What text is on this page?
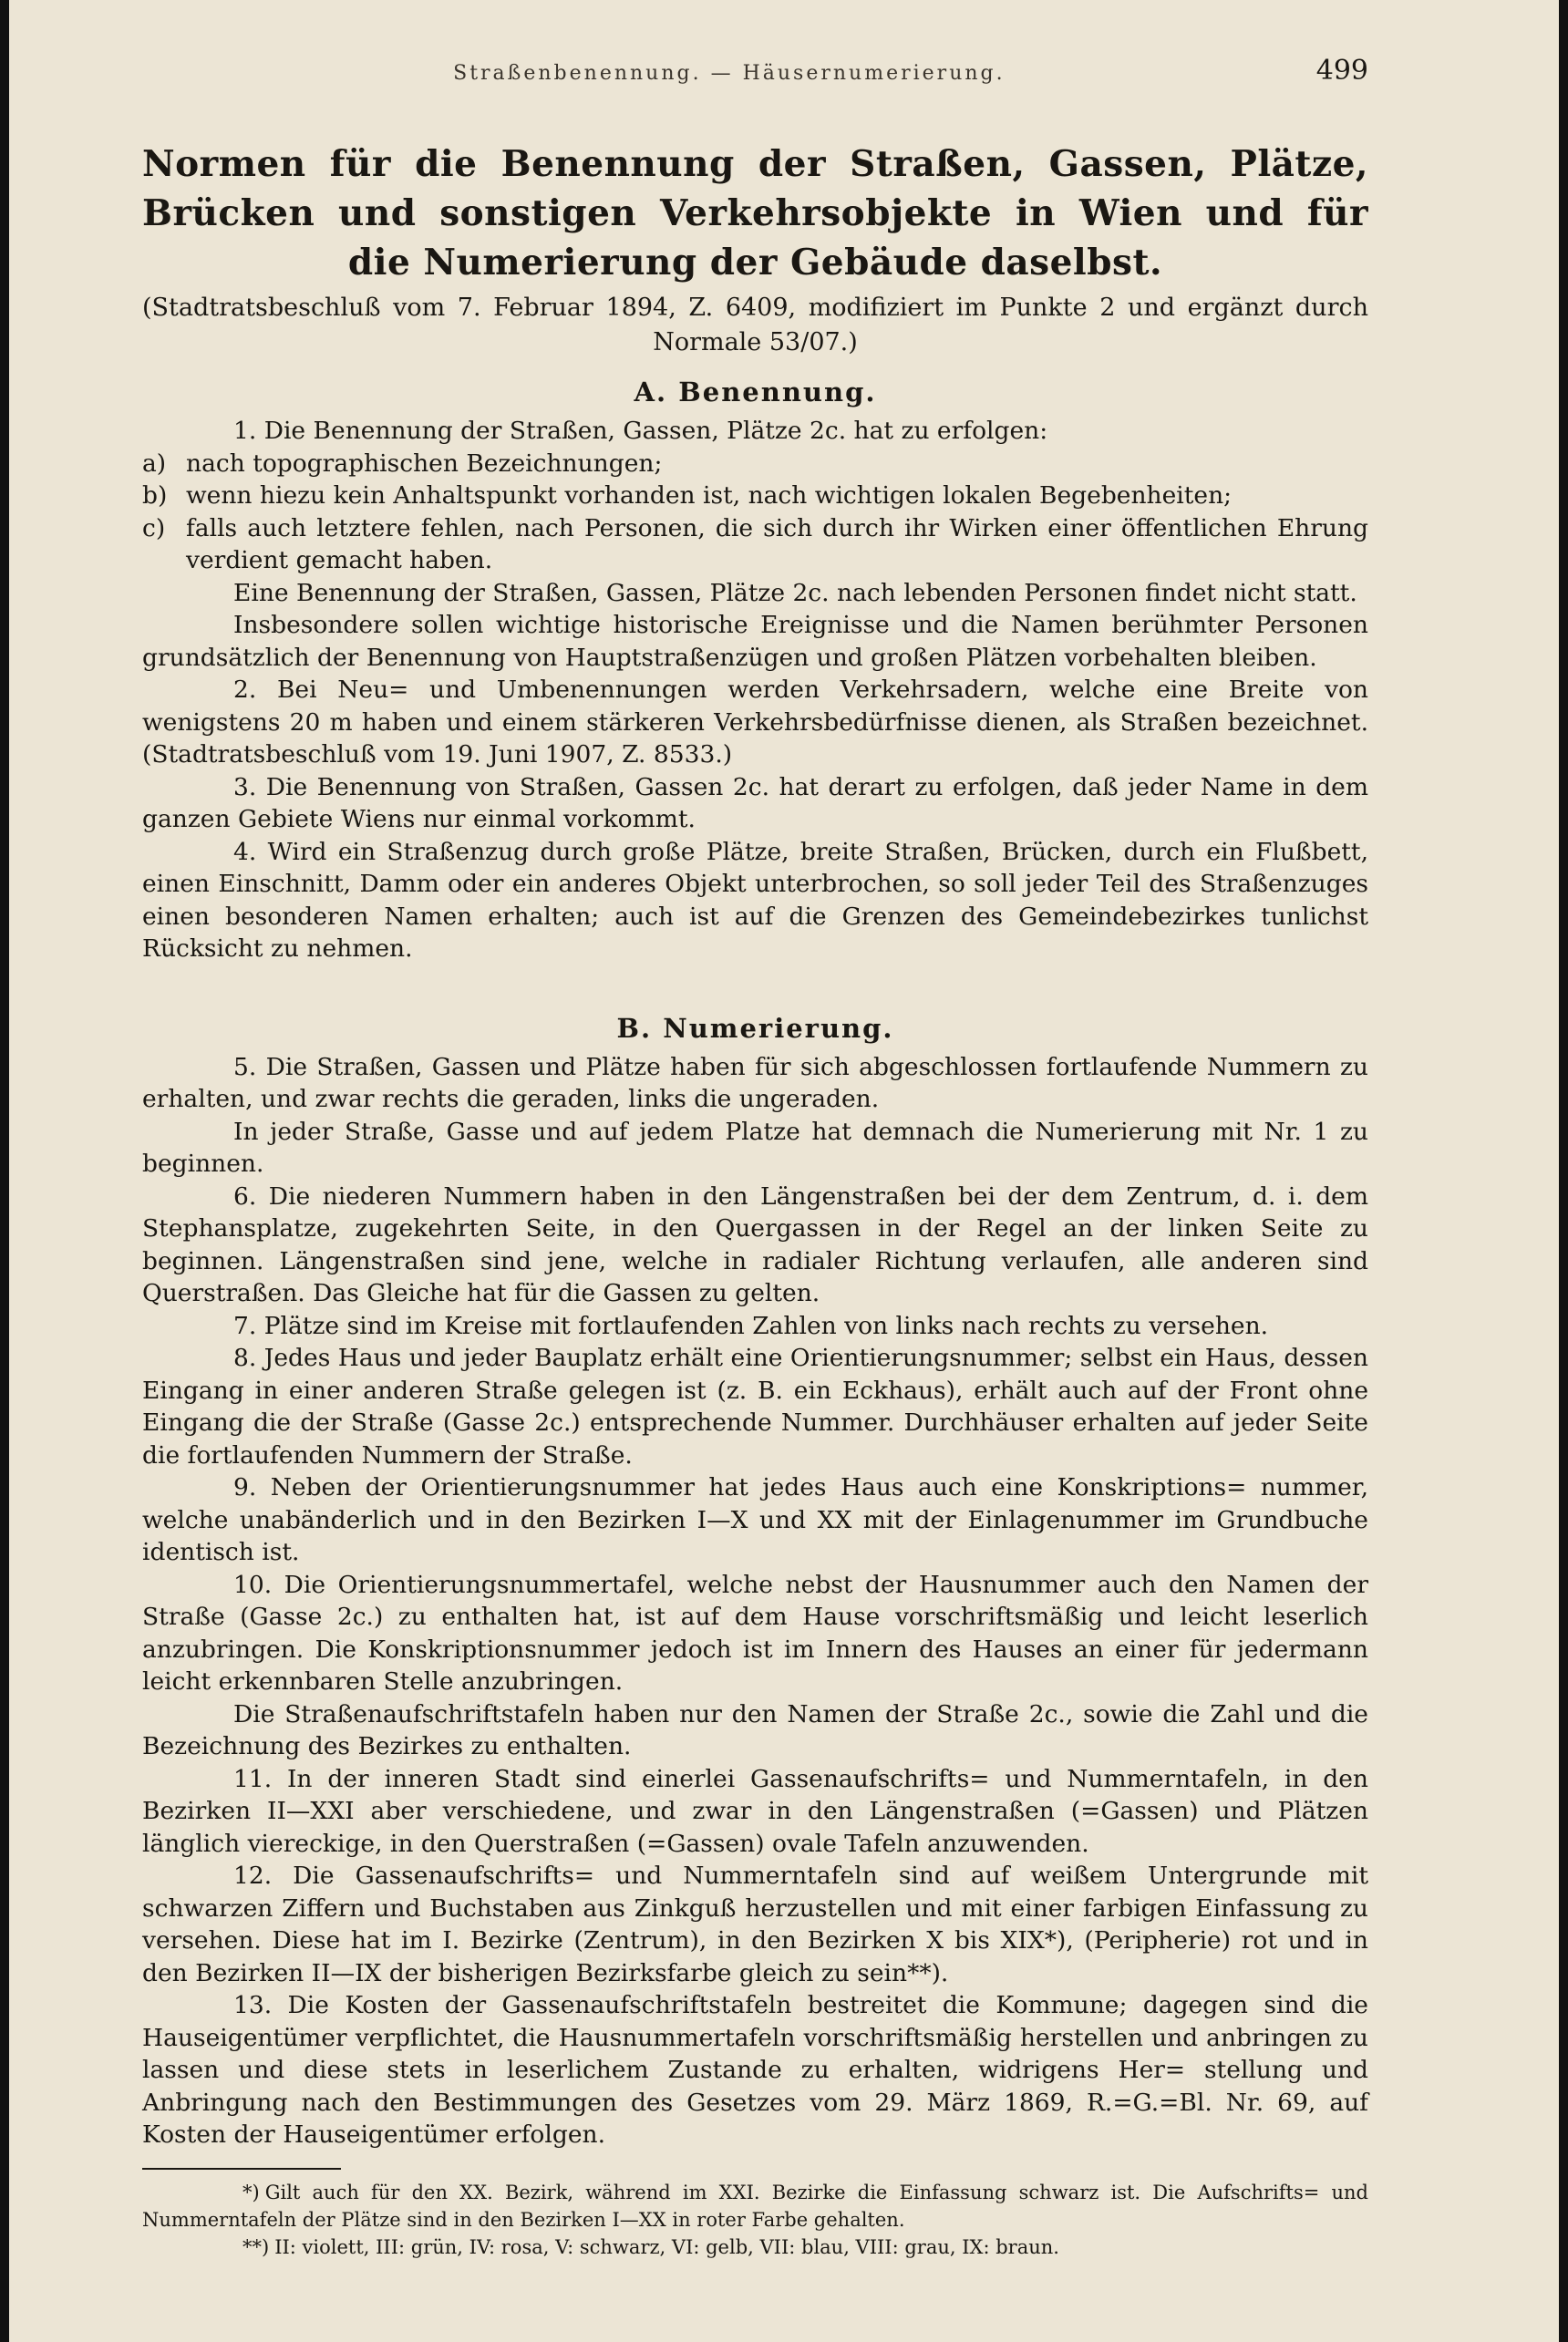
Straßenbenennung. — Häusernumerierung.	499
Normen für die Benennung der Straßen, Gassen, Plätze, Brücken und sonstigen Verkehrsobjekte in Wien und für die Numerierung der Gebäude daselbst.
(Stadtratsbeschluß vom 7. Februar 1894, Z. 6409, modifiziert im Punkte 2 und ergänzt durch Normale 53/07.)
A. Benennung.

1. Die Benennung der Straßen, Gassen, Plätze 2c. hat zu erfolgen:

a) nach topographischen Bezeichnungen;

b) wenn hiezu kein Anhaltspunkt vorhanden ist, nach wichtigen lokalen Begebenheiten;

c) falls auch letztere fehlen, nach Personen, die sich durch ihr Wirken einer öffentlichen Ehrung verdient gemacht haben.

Eine Benennung der Straßen, Gassen, Plätze 2c. nach lebenden Personen findet nicht statt.

Insbesondere sollen wichtige historische Ereignisse und die Namen berühmter Personen grundsätzlich der Benennung von Hauptstraßenzügen und großen Plätzen vorbehalten bleiben.

2. Bei Neu= und Umbenennungen werden Verkehrsadern, welche eine Breite von wenigstens 20 m haben und einem stärkeren Verkehrsbedürfnisse dienen, als Straßen bezeichnet. (Stadtratsbeschluß vom 19. Juni 1907, Z. 8533.)

3. Die Benennung von Straßen, Gassen 2c. hat derart zu erfolgen, daß jeder Name in dem ganzen Gebiete Wiens nur einmal vorkommt.

4. Wird ein Straßenzug durch große Plätze, breite Straßen, Brücken, durch ein Flußbett, einen Einschnitt, Damm oder ein anderes Objekt unterbrochen, so soll jeder Teil des Straßenzuges einen besonderen Namen erhalten; auch ist auf die Grenzen des Gemeindebezirkes tunlichst Rücksicht zu nehmen.

B. Numerierung.

5. Die Straßen, Gassen und Plätze haben für sich abgeschlossen fortlaufende Nummern zu erhalten, und zwar rechts die geraden, links die ungeraden.

In jeder Straße, Gasse und auf jedem Platze hat demnach die Numerierung mit Nr. 1 zu beginnen.

6. Die niederen Nummern haben in den Längenstraßen bei der dem Zentrum, d. i. dem Stephansplatze, zugekehrten Seite, in den Quergassen in der Regel an der linken Seite zu beginnen. Längenstraßen sind jene, welche in radialer Richtung verlaufen, alle anderen sind Querstraßen. Das Gleiche hat für die Gassen zu gelten.

7. Plätze sind im Kreise mit fortlaufenden Zahlen von links nach rechts zu versehen.

8. Jedes Haus und jeder Bauplatz erhält eine Orientierungsnummer; selbst ein Haus, dessen Eingang in einer anderen Straße gelegen ist (z. B. ein Eckhaus), erhält auch auf der Front ohne Eingang die der Straße (Gasse 2c.) entsprechende Nummer. Durchhäuser erhalten auf jeder Seite die fortlaufenden Nummern der Straße.

9. Neben der Orientierungsnummer hat jedes Haus auch eine Konskriptions= nummer, welche unabänderlich und in den Bezirken I—X und XX mit der Einlagenummer im Grundbuche identisch ist.

10. Die Orientierungsnummertafel, welche nebst der Hausnummer auch den Namen der Straße (Gasse 2c.) zu enthalten hat, ist auf dem Hause vorschriftsmäßig und leicht leserlich anzubringen. Die Konskriptionsnummer jedoch ist im Innern des Hauses an einer für jedermann leicht erkennbaren Stelle anzubringen.

Die Straßenaufschriftstafeln haben nur den Namen der Straße 2c., sowie die Zahl und die Bezeichnung des Bezirkes zu enthalten.

11. In der inneren Stadt sind einerlei Gassenaufschrifts= und Nummerntafeln, in den Bezirken II—XXI aber verschiedene, und zwar in den Längenstraßen (=Gassen) und Plätzen länglich viereckige, in den Querstraßen (=Gassen) ovale Tafeln anzuwenden.

12. Die Gassenaufschrifts= und Nummerntafeln sind auf weißem Untergrunde mit schwarzen Ziffern und Buchstaben aus Zinkguß herzustellen und mit einer farbigen Einfassung zu versehen. Diese hat im I. Bezirke (Zentrum), in den Bezirken X bis XIX*), (Peripherie) rot und in den Bezirken II—IX der bisherigen Bezirksfarbe gleich zu sein**).

13. Die Kosten der Gassenaufschriftstafeln bestreitet die Kommune; dagegen sind die Hauseigentümer verpflichtet, die Hausnummertafeln vorschriftsmäßig herstellen und anbringen zu lassen und diese stets in leserlichem Zustande zu erhalten, widrigens Her= stellung und Anbringung nach den Bestimmungen des Gesetzes vom 29. März 1869, R.=G.=Bl. Nr. 69, auf Kosten der Hauseigentümer erfolgen.

*) Gilt auch für den XX. Bezirk, während im XXI. Bezirke die Einfassung schwarz ist. Die Aufschrifts= und Nummerntafeln der Plätze sind in den Bezirken I—XX in roter Farbe gehalten.

**) II: violett, III: grün, IV: rosa, V: schwarz, VI: gelb, VII: blau, VIII: grau, IX: braun.
